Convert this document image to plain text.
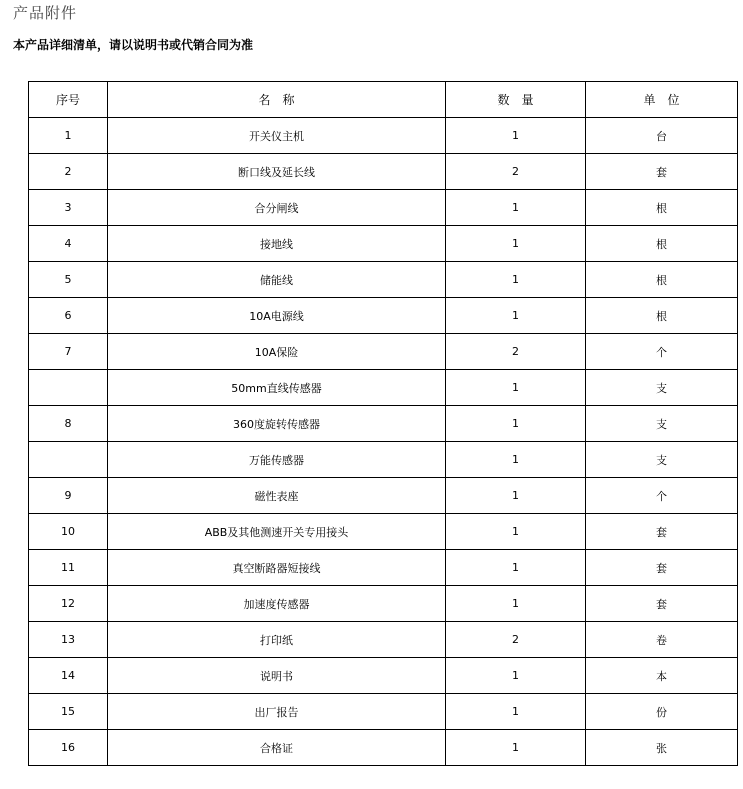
产品附件
本产品详细清单，请以说明书或代销合同为准
序号	名　称	数　量	单　位
1	开关仪主机	1	台
2	断口线及延长线	2	套
3	合分闸线	1	根
4	接地线	1	根
5	储能线	1	根
6	10A电源线	1	根
7	10A保险	2	个
	50mm直线传感器	1	支
8	360度旋转传感器	1	支
	万能传感器	1	支
9	磁性表座	1	个
10	ABB及其他测速开关专用接头	1	套
11	真空断路器短接线	1	套
12	加速度传感器	1	套
13	打印纸	2	卷
14	说明书	1	本
15	出厂报告	1	份
16	合格证	1	张
